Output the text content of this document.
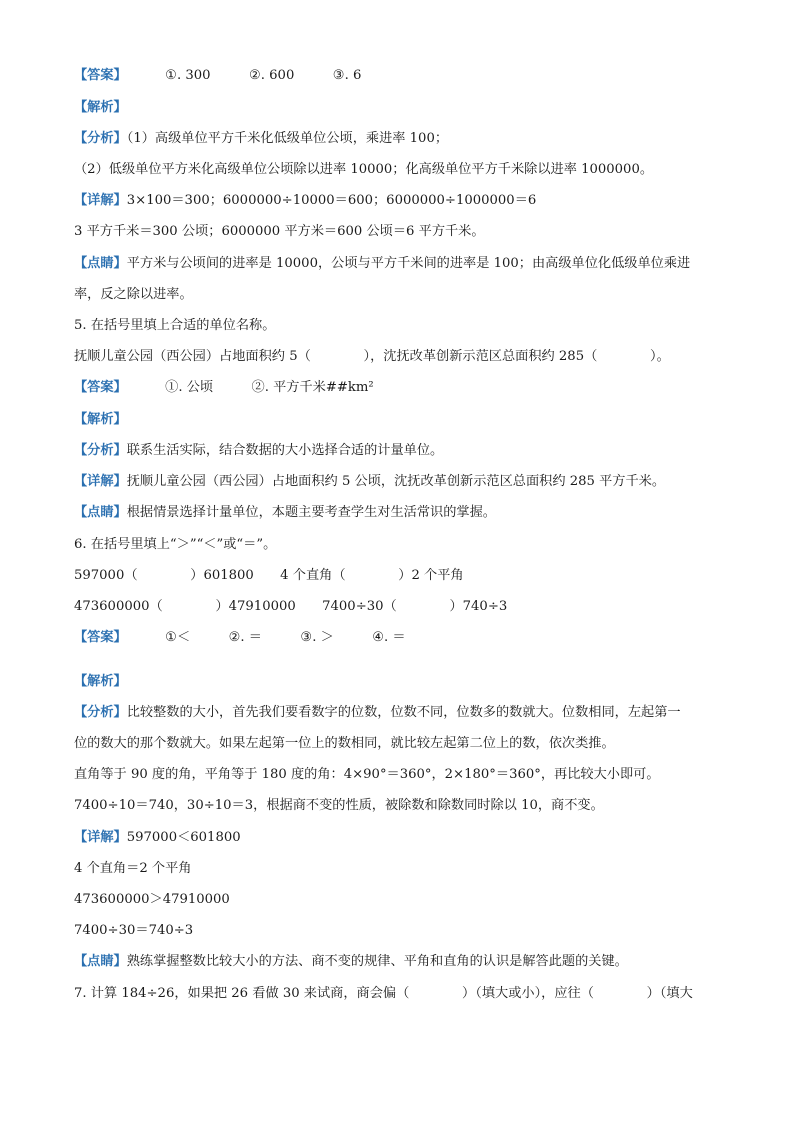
【答案】	①. 300	②. 600	③. 6
【解析】
【分析】（1）高级单位平方千米化低级单位公顷，乘进率 100；
（2）低级单位平方米化高级单位公顷除以进率 10000；化高级单位平方千米除以进率 1000000。
【详解】3×100＝300；6000000÷10000＝600；6000000÷1000000＝6
3 平方千米＝300 公顷；6000000 平方米＝600 公顷＝6 平方千米。
【点睛】平方米与公顷间的进率是 10000，公顷与平方千米间的进率是 100；由高级单位化低级单位乘进
率，反之除以进率。
5. 在括号里填上合适的单位名称。
抚顺儿童公园（西公园）占地面积约 5（　　　　），沈抚改革创新示范区总面积约 285（　　　　）。
【答案】	①. 公顷	②. 平方千米##km²
【解析】
【分析】联系生活实际，结合数据的大小选择合适的计量单位。
【详解】抚顺儿童公园（西公园）占地面积约 5 公顷，沈抚改革创新示范区总面积约 285 平方千米。
【点睛】根据情景选择计量单位，本题主要考查学生对生活常识的掌握。
6. 在括号里填上“＞”“＜”或“＝”。
597000（　　　　）601800　　4 个直角（　　　　）2 个平角
473600000（　　　　）47910000　　7400÷30（　　　　）740÷3
【答案】	①＜	②. ＝	③. ＞	④. ＝
【解析】
【分析】比较整数的大小，首先我们要看数字的位数，位数不同，位数多的数就大。位数相同，左起第一
位的数大的那个数就大。如果左起第一位上的数相同，就比较左起第二位上的数，依次类推。
直角等于 90 度的角，平角等于 180 度的角：4×90°＝360°，2×180°＝360°，再比较大小即可。
7400÷10＝740，30÷10＝3，根据商不变的性质，被除数和除数同时除以 10，商不变。
【详解】597000＜601800
4 个直角＝2 个平角
473600000＞47910000
7400÷30＝740÷3
【点睛】熟练掌握整数比较大小的方法、商不变的规律、平角和直角的认识是解答此题的关键。
7. 计算 184÷26，如果把 26 看做 30 来试商，商会偏（　　　　）（填大或小），应往（　　　　）（填大
